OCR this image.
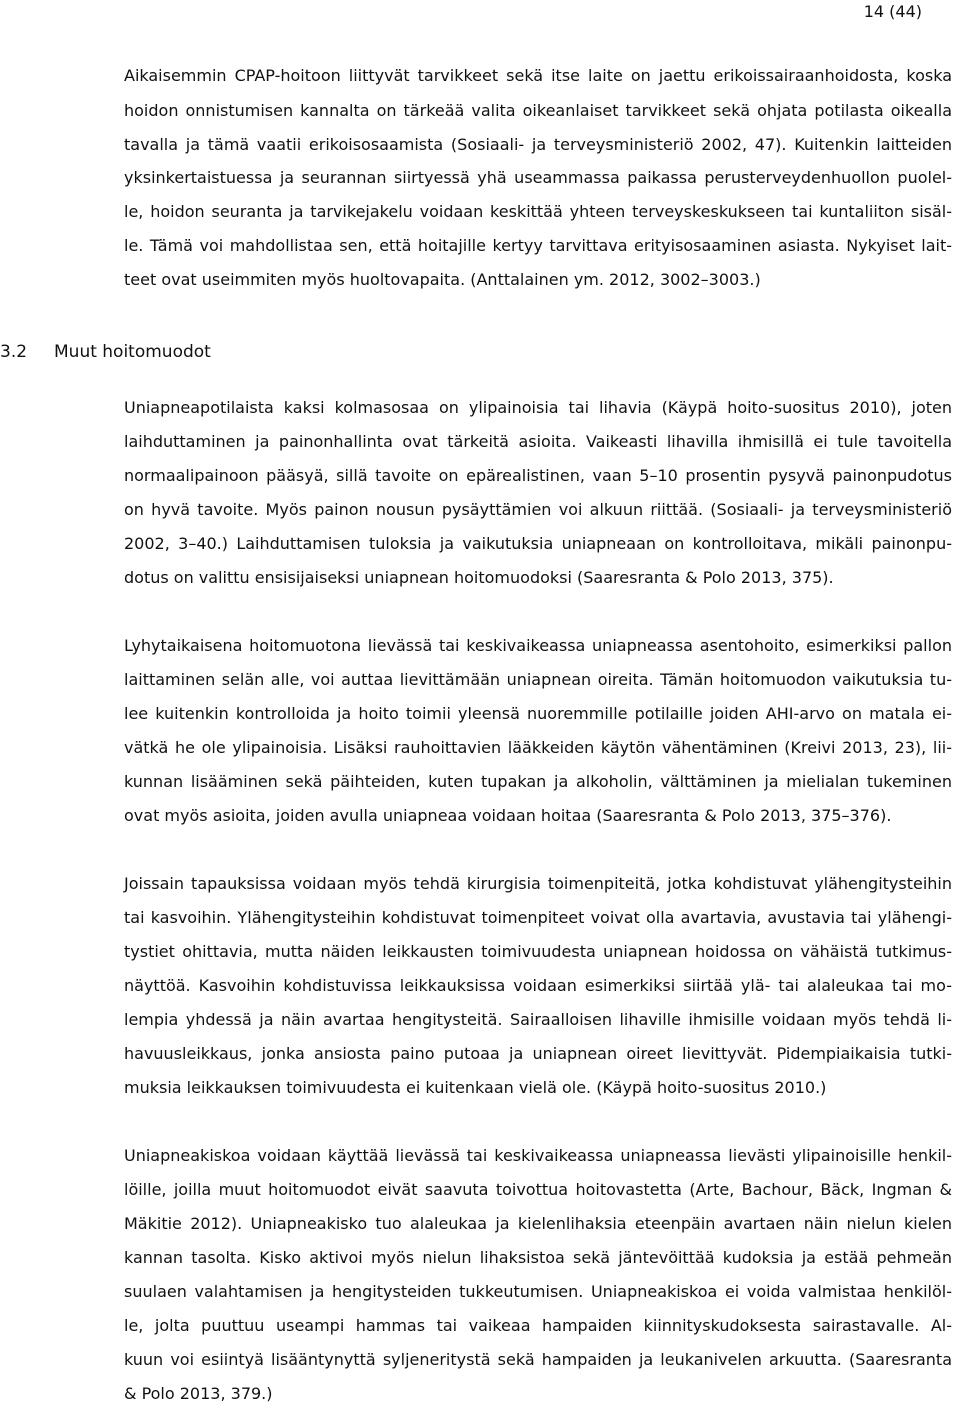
14 (44)
Aikaisemmin CPAP-hoitoon liittyvät tarvikkeet sekä itse laite on jaettu erikoissairaanhoidosta, koska
hoidon onnistumisen kannalta on tärkeää valita oikeanlaiset tarvikkeet sekä ohjata potilasta oikealla
tavalla ja tämä vaatii erikoisosaamista (Sosiaali- ja terveysministeriö 2002, 47). Kuitenkin laitteiden
yksinkertaistuessa ja seurannan siirtyessä yhä useammassa paikassa perusterveydenhuollon puolel-
le, hoidon seuranta ja tarvikejakelu voidaan keskittää yhteen terveyskeskukseen tai kuntaliiton sisäl-
le. Tämä voi mahdollistaa sen, että hoitajille kertyy tarvittava erityisosaaminen asiasta. Nykyiset lait-
teet ovat useimmiten myös huoltovapaita. (Anttalainen ym. 2012, 3002–3003.)
3.2 Muut hoitomuodot
Uniapneapotilaista kaksi kolmasosaa on ylipainoisia tai lihavia (Käypä hoito-suositus 2010), joten
laihduttaminen ja painonhallinta ovat tärkeitä asioita. Vaikeasti lihavilla ihmisillä ei tule tavoitella
normaalipainoon pääsyä, sillä tavoite on epärealistinen, vaan 5–10 prosentin pysyvä painonpudotus
on hyvä tavoite. Myös painon nousun pysäyttämien voi alkuun riittää. (Sosiaali- ja terveysministeriö
2002, 3–40.) Laihduttamisen tuloksia ja vaikutuksia uniapneaan on kontrolloitava, mikäli painonpu-
dotus on valittu ensisijaiseksi uniapnean hoitomuodoksi (Saaresranta & Polo 2013, 375).
Lyhytaikaisena hoitomuotona lievässä tai keskivaikeassa uniapneassa asentohoito, esimerkiksi pallon
laittaminen selän alle, voi auttaa lievittämään uniapnean oireita. Tämän hoitomuodon vaikutuksia tu-
lee kuitenkin kontrolloida ja hoito toimii yleensä nuoremmille potilaille joiden AHI-arvo on matala ei-
vätkä he ole ylipainoisia. Lisäksi rauhoittavien lääkkeiden käytön vähentäminen (Kreivi 2013, 23), lii-
kunnan lisääminen sekä päihteiden, kuten tupakan ja alkoholin, välttäminen ja mielialan tukeminen
ovat myös asioita, joiden avulla uniapneaa voidaan hoitaa (Saaresranta & Polo 2013, 375–376).
Joissain tapauksissa voidaan myös tehdä kirurgisia toimenpiteitä, jotka kohdistuvat ylähengitysteihin
tai kasvoihin. Ylähengitysteihin kohdistuvat toimenpiteet voivat olla avartavia, avustavia tai ylähengi-
tystiet ohittavia, mutta näiden leikkausten toimivuudesta uniapnean hoidossa on vähäistä tutkimus-
näyttöä. Kasvoihin kohdistuvissa leikkauksissa voidaan esimerkiksi siirtää ylä- tai alaleukaa tai mo-
lempia yhdessä ja näin avartaa hengitysteitä. Sairaalloisen lihaville ihmisille voidaan myös tehdä li-
havuusleikkaus, jonka ansiosta paino putoaa ja uniapnean oireet lievittyvät. Pidempiaikaisia tutki-
muksia leikkauksen toimivuudesta ei kuitenkaan vielä ole. (Käypä hoito-suositus 2010.)
Uniapneakiskoa voidaan käyttää lievässä tai keskivaikeassa uniapneassa lievästi ylipainoisille henkil-
löille, joilla muut hoitomuodot eivät saavuta toivottua hoitovastetta (Arte, Bachour, Bäck, Ingman &
Mäkitie 2012). Uniapneakisko tuo alaleukaa ja kielenlihaksia eteenpäin avartaen näin nielun kielen
kannan tasolta. Kisko aktivoi myös nielun lihaksistoa sekä jäntevöittää kudoksia ja estää pehmeän
suulaen valahtamisen ja hengitysteiden tukkeutumisen. Uniapneakiskoa ei voida valmistaa henkilöl-
le, jolta puuttuu useampi hammas tai vaikeaa hampaiden kiinnityskudoksesta sairastavalle. Al-
kuun voi esiintyä lisääntynyttä syljeneritystä sekä hampaiden ja leukanivelen arkuutta. (Saaresranta
& Polo 2013, 379.)
